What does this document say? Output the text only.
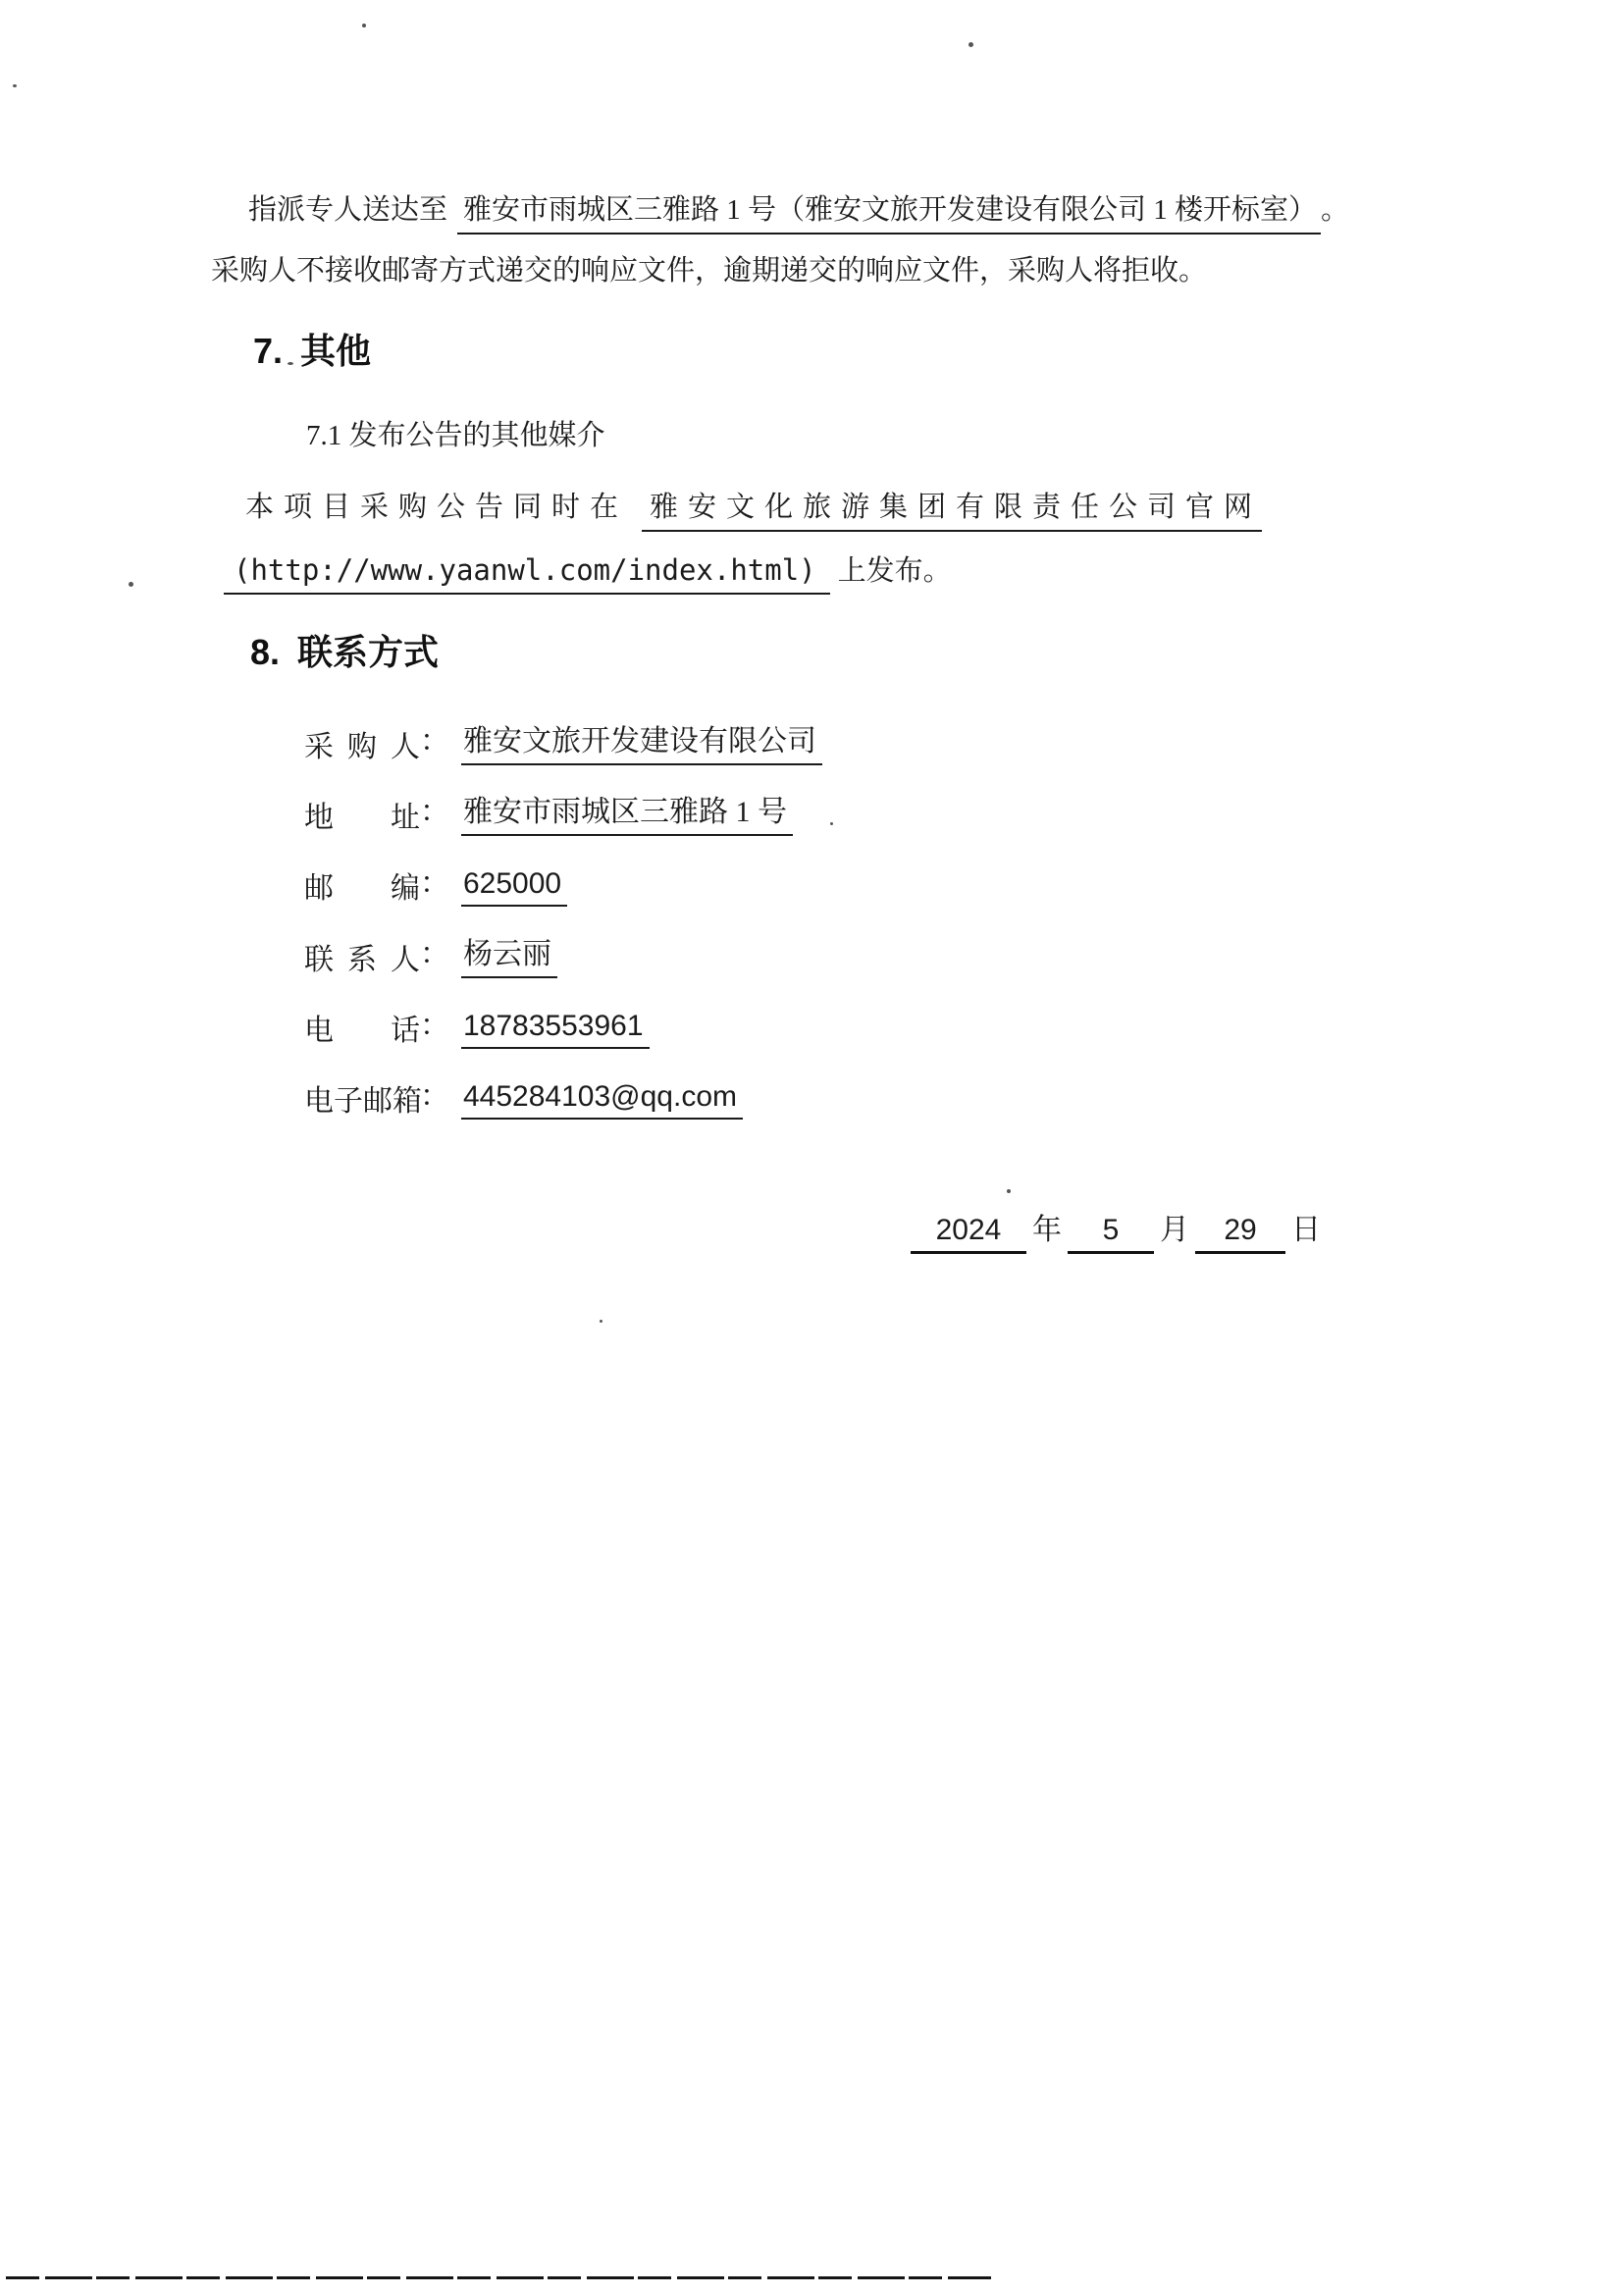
指派专人送达至 雅安市雨城区三雅路 1 号（雅安文旅开发建设有限公司 1 楼开标室） 。
采购人不接收邮寄方式递交的响应文件，逾期递交的响应文件，采购人将拒收。
7. 其他
7.1 发布公告的其他媒介
本项目采购公告同时在 雅安文化旅游集团有限责任公司官网
(http://www.yaanwl.com/index.html) 上发布。
8. 联系方式
采购人： 雅安文旅开发建设有限公司
地址： 雅安市雨城区三雅路 1 号
邮编： 625000
联系人： 杨云丽
电话： 18783553961
电子邮箱： 445284103@qq.com
2024 年 5 月 29 日
